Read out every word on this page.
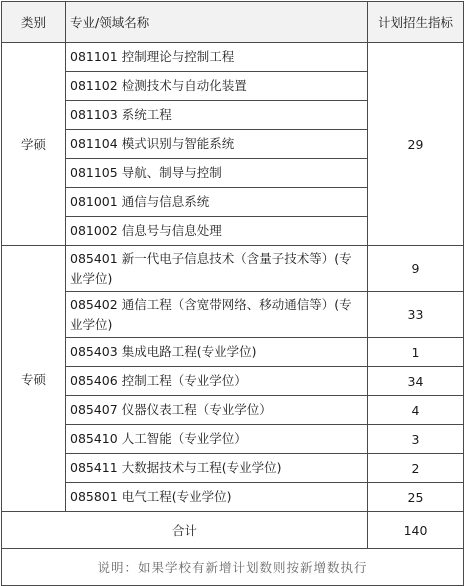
类别	专业/领域名称	计划招生指标
学硕	081101 控制理论与控制工程	29
	081102 检测技术与自动化装置	
	081103 系统工程	
	081104 模式识别与智能系统	
	081105 导航、制导与控制	
	081001 通信与信息系统	
	081002 信息号与信息处理	
专硕	085401 新一代电子信息技术（含量子技术等）(专业学位)	9
	085402 通信工程（含宽带网络、移动通信等）(专业学位)	33
	085403 集成电路工程(专业学位)	1
	085406 控制工程（专业学位）	34
	085407 仪器仪表工程（专业学位）	4
	085410 人工智能（专业学位）	3
	085411 大数据技术与工程(专业学位)	2
	085801 电气工程(专业学位)	25
合计		140
说明：如果学校有新增计划数则按新增数执行		
